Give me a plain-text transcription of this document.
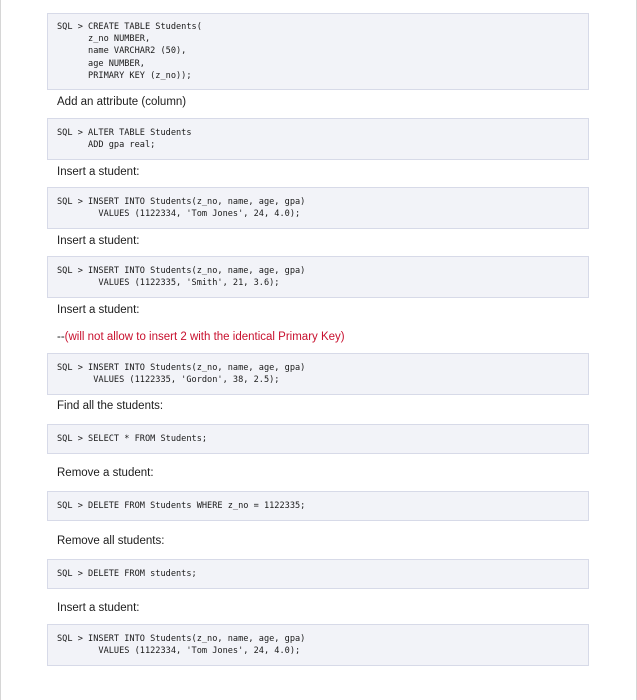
SQL > CREATE TABLE Students(
z_no NUMBER,
name VARCHAR2 (50),
age NUMBER,
PRIMARY KEY (z_no));
Add an attribute (column)
SQL > ALTER TABLE Students
ADD gpa real;
Insert a student:
SQL > INSERT INTO Students(z_no, name, age, gpa)
VALUES (1122334, 'Tom Jones', 24, 4.0);
Insert a student:
SQL > INSERT INTO Students(z_no, name, age, gpa)
VALUES (1122335, 'Smith', 21, 3.6);
Insert a student:
--(will not allow to insert 2 with the identical Primary Key)
SQL > INSERT INTO Students(z_no, name, age, gpa)
VALUES (1122335, 'Gordon', 38, 2.5);
Find all the students:
SQL > SELECT * FROM Students;
Remove a student:
SQL > DELETE FROM Students WHERE z_no = 1122335;
Remove all students:
SQL > DELETE FROM students;
Insert a student:
SQL > INSERT INTO Students(z_no, name, age, gpa)
VALUES (1122334, 'Tom Jones', 24, 4.0);
